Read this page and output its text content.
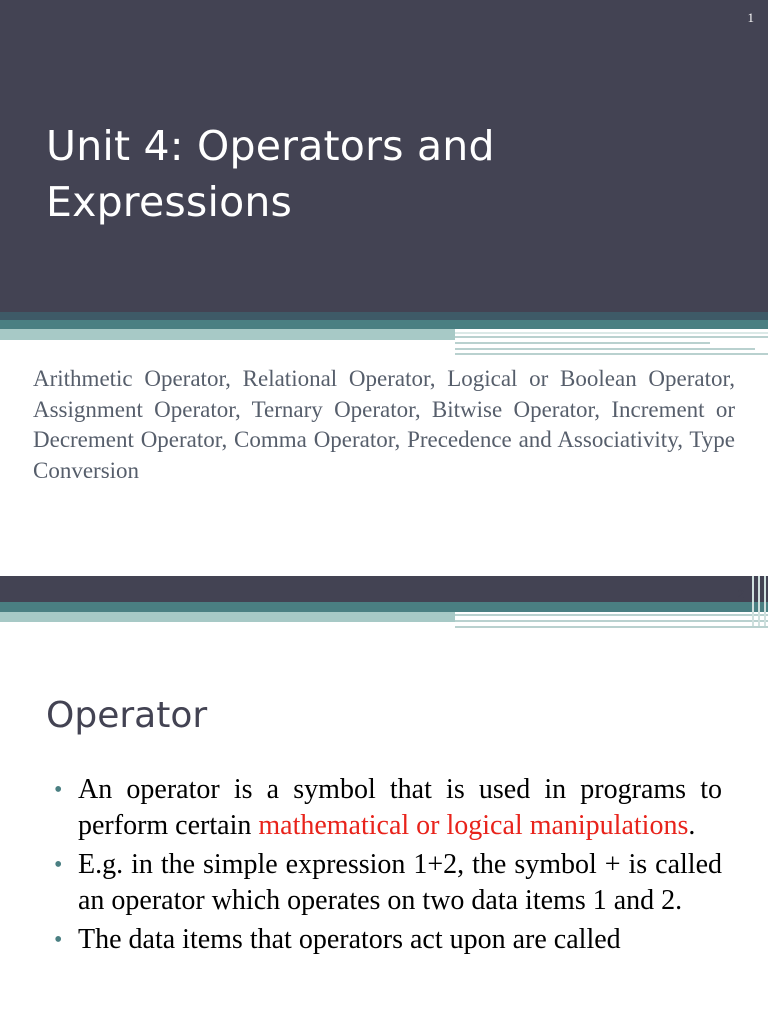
1
Unit 4: Operators and
Expressions

Arithmetic Operator, Relational Operator, Logical or Boolean Operator, Assignment Operator, Ternary Operator, Bitwise Operator, Increment or Decrement Operator, Comma Operator, Precedence and Associativity, Type Conversion

2
Operator
• An operator is a symbol that is used in programs to perform certain mathematical or logical manipulations.
• E.g. in the simple expression 1+2, the symbol + is called an operator which operates on two data items 1 and 2.
• The data items that operators act upon are called
